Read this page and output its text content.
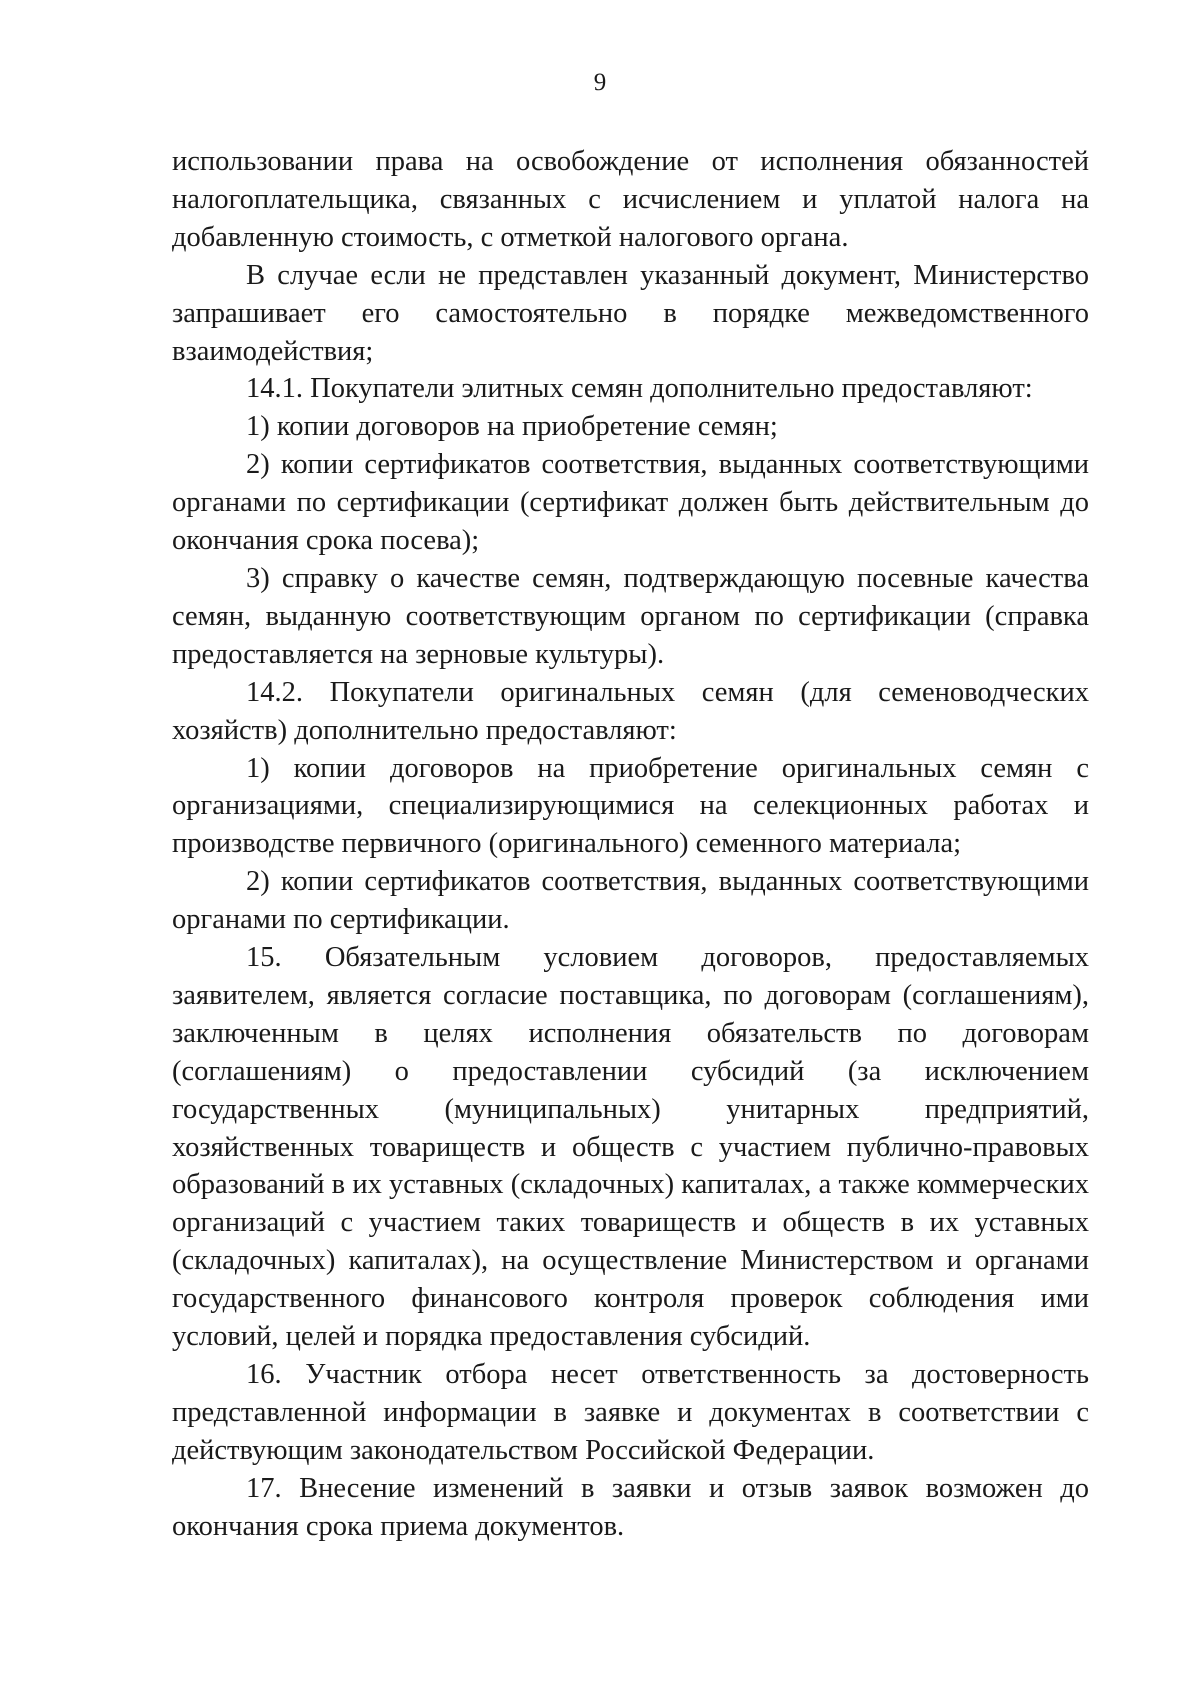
9

использовании права на освобождение от исполнения обязанностей налогоплательщика, связанных с исчислением и уплатой налога на добавленную стоимость, с отметкой налогового органа.

В случае если не представлен указанный документ, Министерство запрашивает его самостоятельно в порядке межведомственного взаимодействия;

14.1. Покупатели элитных семян дополнительно предоставляют:

1) копии договоров на приобретение семян;

2) копии сертификатов соответствия, выданных соответствующими органами по сертификации (сертификат должен быть действительным до окончания срока посева);

3) справку о качестве семян, подтверждающую посевные качества семян, выданную соответствующим органом по сертификации (справка предоставляется на зерновые культуры).

14.2. Покупатели оригинальных семян (для семеноводческих хозяйств) дополнительно предоставляют:

1) копии договоров на приобретение оригинальных семян с организациями, специализирующимися на селекционных работах и производстве первичного (оригинального) семенного материала;

2) копии сертификатов соответствия, выданных соответствующими органами по сертификации.

15. Обязательным условием договоров, предоставляемых заявителем, является согласие поставщика, по договорам (соглашениям), заключенным в целях исполнения обязательств по договорам (соглашениям) о предоставлении субсидий (за исключением государственных (муниципальных) унитарных предприятий, хозяйственных товариществ и обществ с участием публично-правовых образований в их уставных (складочных) капиталах, а также коммерческих организаций с участием таких товариществ и обществ в их уставных (складочных) капиталах), на осуществление Министерством и органами государственного финансового контроля проверок соблюдения ими условий, целей и порядка предоставления субсидий.

16. Участник отбора несет ответственность за достоверность представленной информации в заявке и документах в соответствии с действующим законодательством Российской Федерации.

17. Внесение изменений в заявки и отзыв заявок возможен до окончания срока приема документов.
